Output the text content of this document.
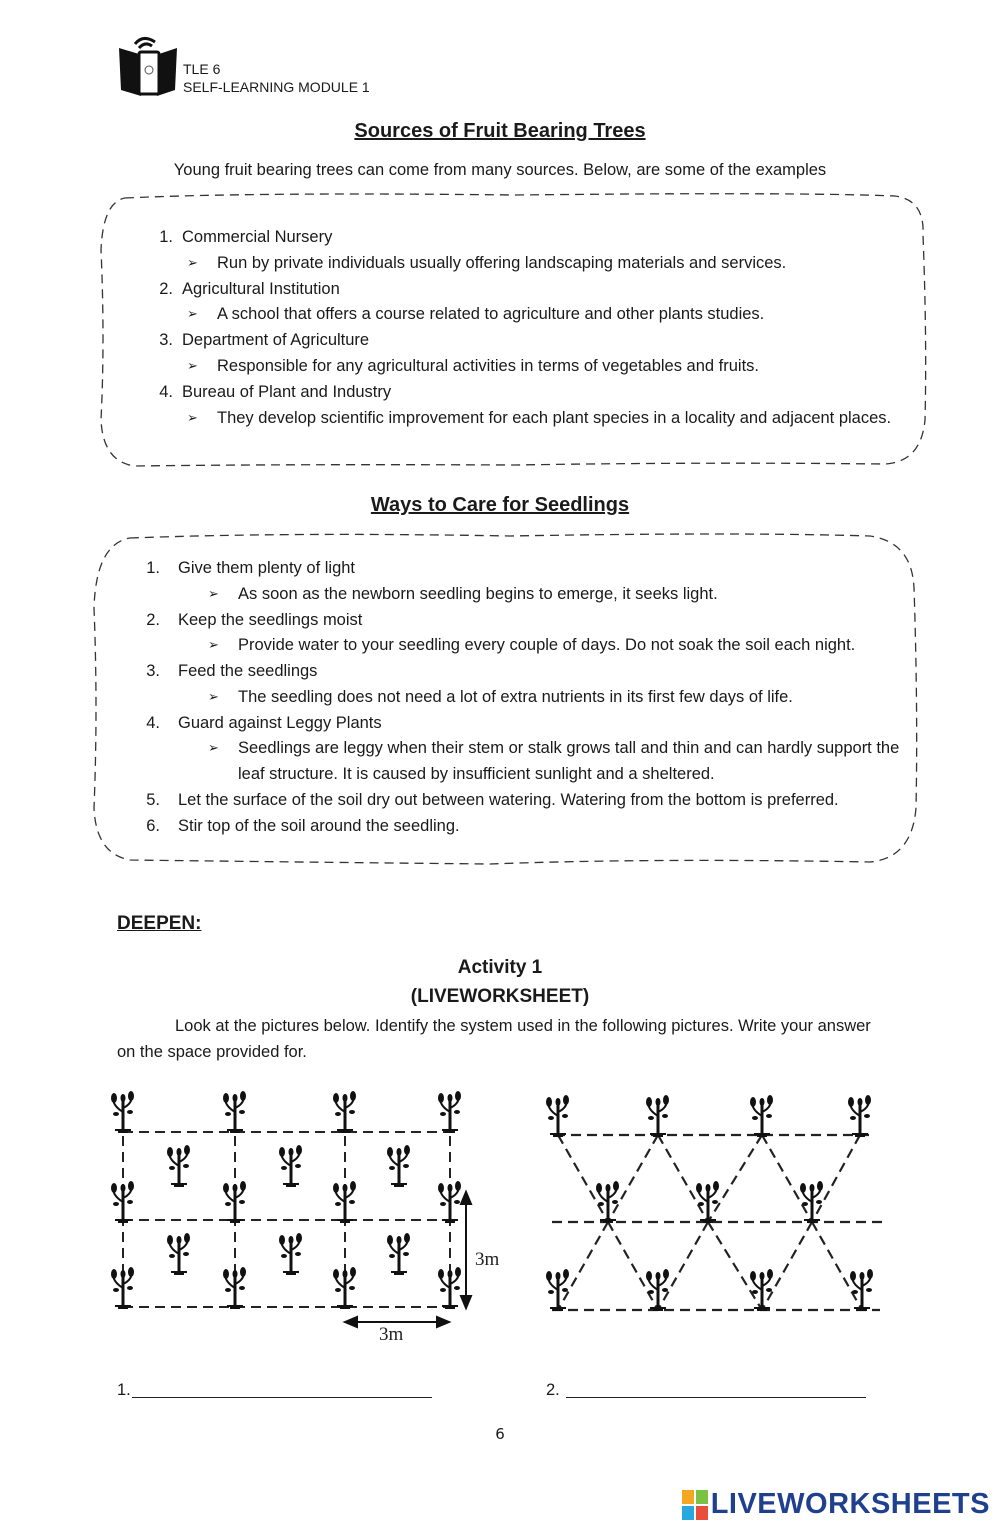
TLE 6
SELF-LEARNING MODULE 1
Sources of Fruit Bearing Trees
Young fruit bearing trees can come from many sources. Below, are some of the examples
1. Commercial Nursery
➢ Run by private individuals usually offering landscaping materials and services.
2. Agricultural Institution
➢ A school that offers a course related to agriculture and other plants studies.
3. Department of Agriculture
➢ Responsible for any agricultural activities in terms of vegetables and fruits.
4. Bureau of Plant and Industry
➢ They develop scientific improvement for each plant species in a locality and adjacent places.
Ways to Care for Seedlings
1. Give them plenty of light
➢ As soon as the newborn seedling begins to emerge, it seeks light.
2. Keep the seedlings moist
➢ Provide water to your seedling every couple of days. Do not soak the soil each night.
3. Feed the seedlings
➢ The seedling does not need a lot of extra nutrients in its first few days of life.
4. Guard against Leggy Plants
➢ Seedlings are leggy when their stem or stalk grows tall and thin and can hardly support the
leaf structure. It is caused by insufficient sunlight and a sheltered.
5. Let the surface of the soil dry out between watering. Watering from the bottom is preferred.
6. Stir top of the soil around the seedling.
DEEPEN:
Activity 1
(LIVEWORKSHEET)
Look at the pictures below. Identify the system used in the following pictures. Write your answer on the space provided for.
3m
3m
1.	2.
6
LIVEWORKSHEETS
